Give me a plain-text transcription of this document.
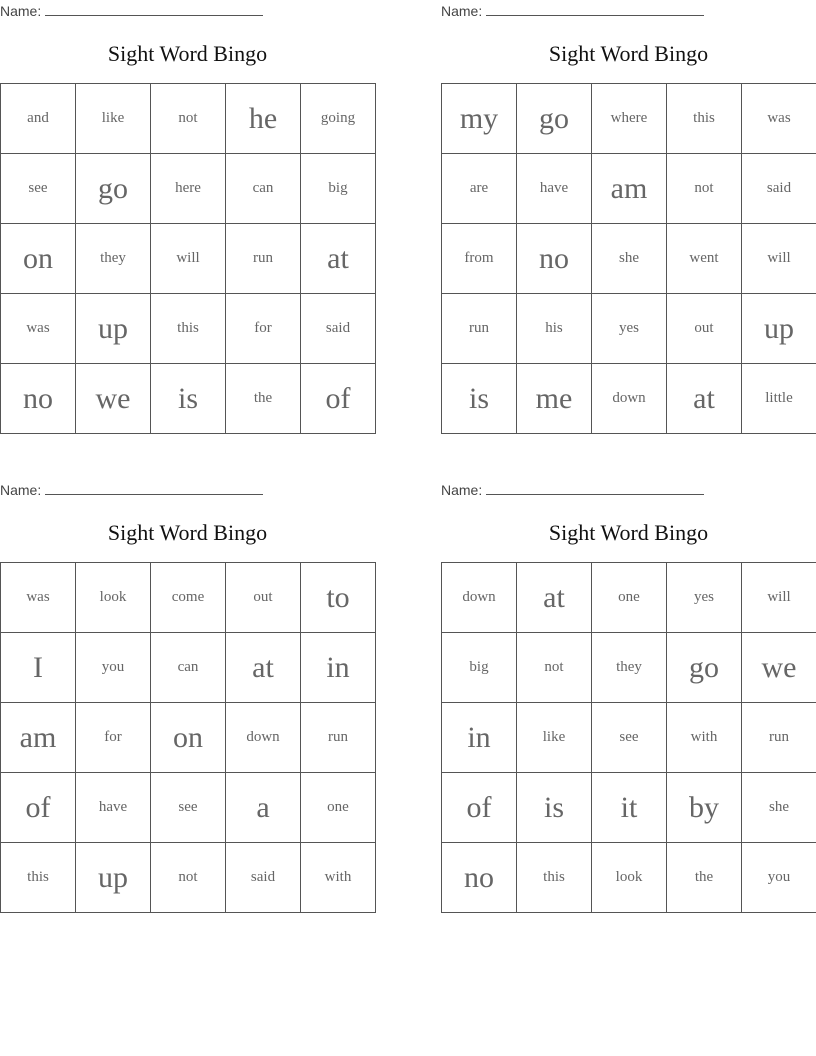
Name:
Sight Word Bingo
and	like	not	he	going
see	go	here	can	big
on	they	will	run	at
was	up	this	for	said
no	we	is	the	of
Name:
Sight Word Bingo
my	go	where	this	was
are	have	am	not	said
from	no	she	went	will
run	his	yes	out	up
is	me	down	at	little
Name:
Sight Word Bingo
was	look	come	out	to
I	you	can	at	in
am	for	on	down	run
of	have	see	a	one
this	up	not	said	with
Name:
Sight Word Bingo
down	at	one	yes	will
big	not	they	go	we
in	like	see	with	run
of	is	it	by	she
no	this	look	the	you
